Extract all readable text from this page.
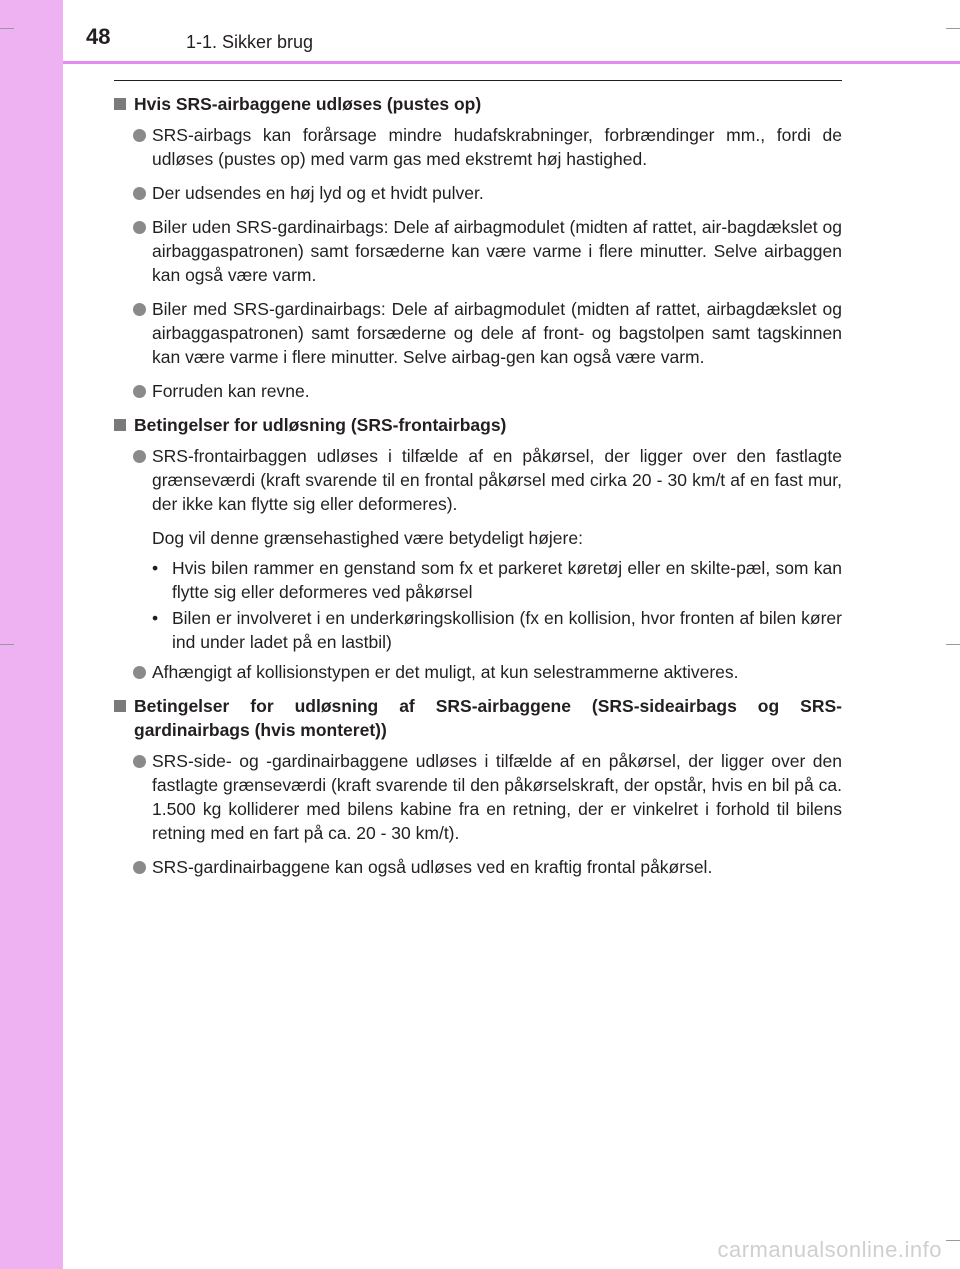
48	1-1. Sikker brug
Hvis SRS-airbaggene udløses (pustes op)
SRS-airbags kan forårsage mindre hudafskrabninger, forbrændinger mm., fordi de udløses (pustes op) med varm gas med ekstremt høj hastighed.
Der udsendes en høj lyd og et hvidt pulver.
Biler uden SRS-gardinairbags: Dele af airbagmodulet (midten af rattet, air-bagdækslet og airbaggaspatronen) samt forsæderne kan være varme i flere minutter. Selve airbaggen kan også være varm.
Biler med SRS-gardinairbags: Dele af airbagmodulet (midten af rattet, airbagdækslet og airbaggaspatronen) samt forsæderne og dele af front- og bagstolpen samt tagskinnen kan være varme i flere minutter. Selve airbag-gen kan også være varm.
Forruden kan revne.
Betingelser for udløsning (SRS-frontairbags)
SRS-frontairbaggen udløses i tilfælde af en påkørsel, der ligger over den fastlagte grænseværdi (kraft svarende til en frontal påkørsel med cirka 20 - 30 km/t af en fast mur, der ikke kan flytte sig eller deformeres).
Dog vil denne grænsehastighed være betydeligt højere:
• Hvis bilen rammer en genstand som fx et parkeret køretøj eller en skilte-pæl, som kan flytte sig eller deformeres ved påkørsel
• Bilen er involveret i en underkøringskollision (fx en kollision, hvor fronten af bilen kører ind under ladet på en lastbil)
Afhængigt af kollisionstypen er det muligt, at kun selestrammerne aktiveres.
Betingelser for udløsning af SRS-airbaggene (SRS-sideairbags og SRS-gardinairbags (hvis monteret))
SRS-side- og -gardinairbaggene udløses i tilfælde af en påkørsel, der ligger over den fastlagte grænseværdi (kraft svarende til den påkørselskraft, der opstår, hvis en bil på ca. 1.500 kg kolliderer med bilens kabine fra en retning, der er vinkelret i forhold til bilens retning med en fart på ca. 20 - 30 km/t).
SRS-gardinairbaggene kan også udløses ved en kraftig frontal påkørsel.
carmanualsonline.info
